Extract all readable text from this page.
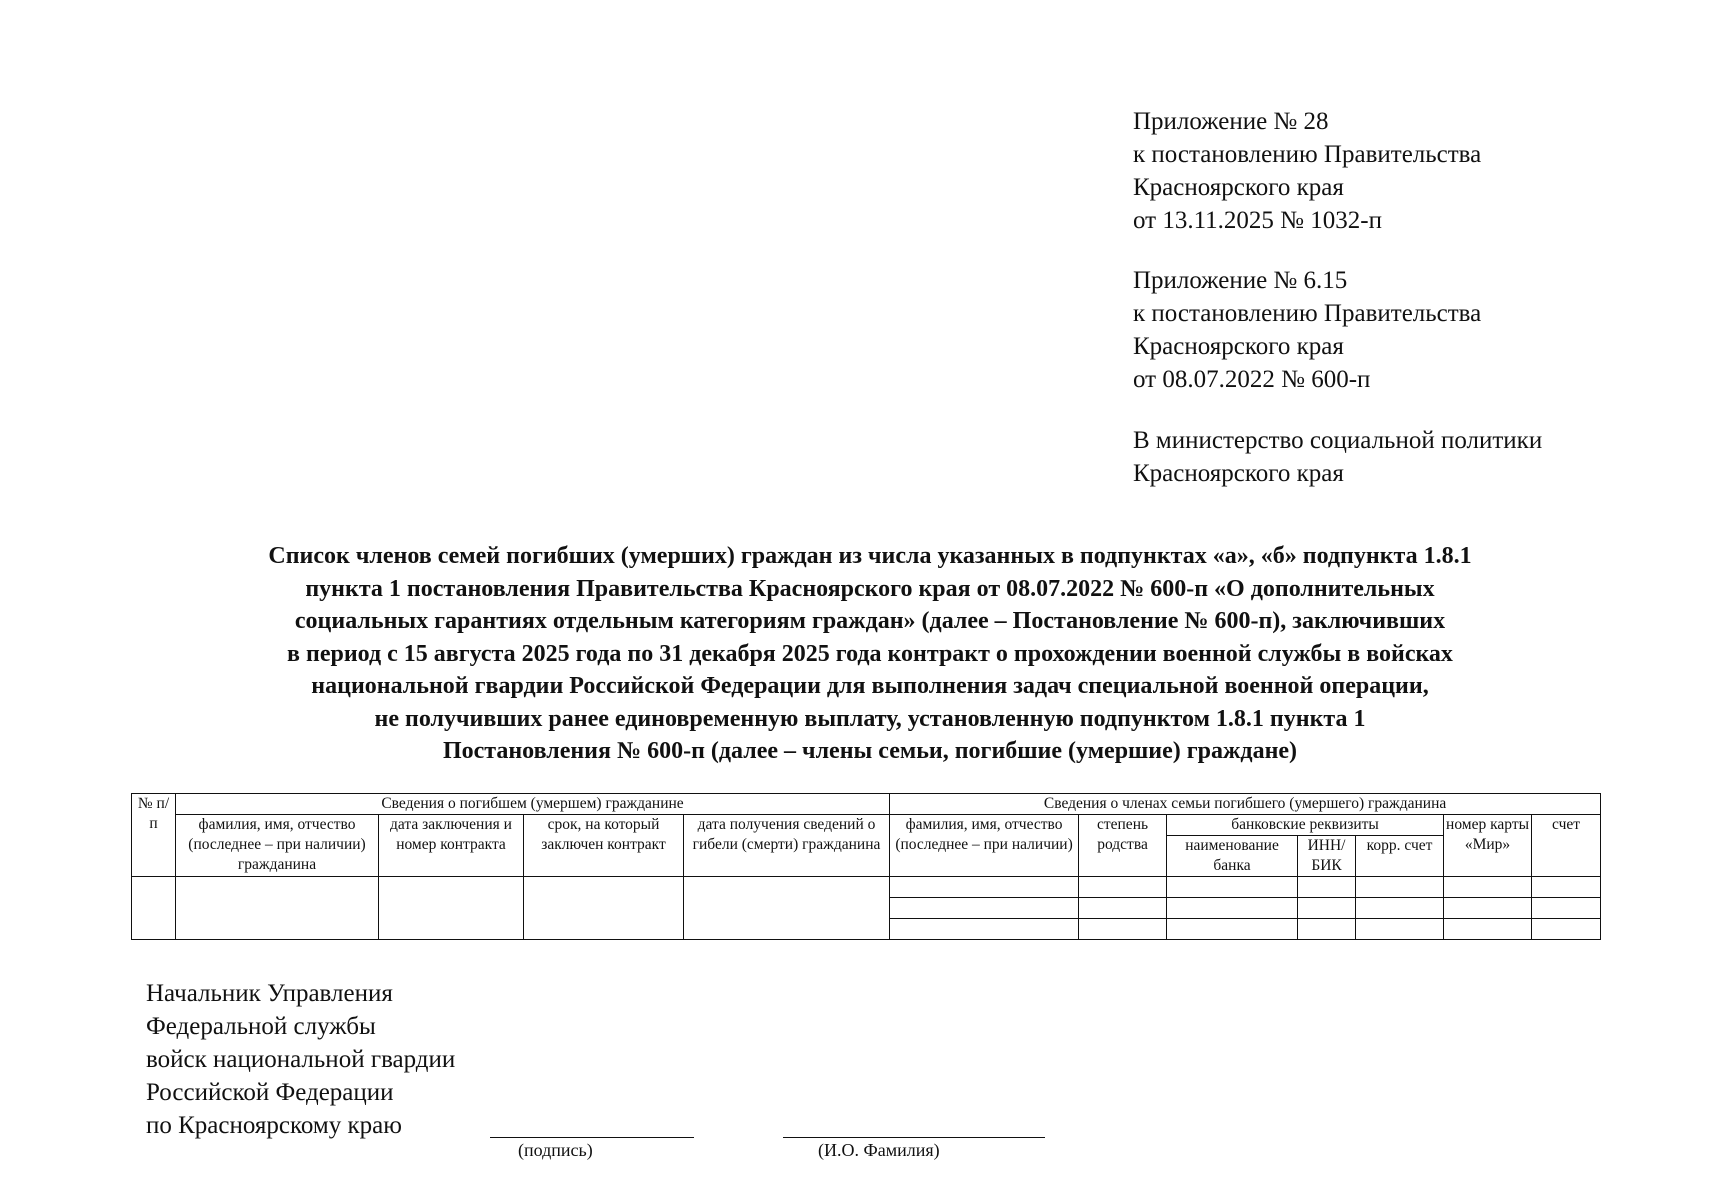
Приложение № 28
к постановлению Правительства
Красноярского края
от 13.11.2025 № 1032-п
Приложение № 6.15
к постановлению Правительства
Красноярского края
от 08.07.2022 № 600-п
В министерство социальной политики
Красноярского края
Список членов семей погибших (умерших) граждан из числа указанных в подпунктах «а», «б» подпункта 1.8.1
пункта 1 постановления Правительства Красноярского края от 08.07.2022 № 600-п «О дополнительных
социальных гарантиях отдельным категориям граждан» (далее – Постановление № 600-п), заключивших
в период с 15 августа 2025 года по 31 декабря 2025 года контракт о прохождении военной службы в войсках
национальной гвардии Российской Федерации для выполнения задач специальной военной операции,
не получивших ранее единовременную выплату, установленную подпунктом 1.8.1 пункта 1
Постановления № 600-п (далее – члены семьи, погибшие (умершие) граждане)
№ п/п	Сведения о погибшем (умершем) гражданине				Сведения о членах семьи погибшего (умершего) гражданина						
	фамилия, имя, отчество (последнее – при наличии) гражданина	дата заключения и номер контракта	срок, на который заключен контракт	дата получения сведений о гибели (смерти) гражданина	фамилия, имя, отчество (последнее – при наличии)	степень родства	банковские реквизиты			номер карты «Мир»	счет
							наименование банка	ИНН/ БИК	корр. счет		

Начальник Управления
Федеральной службы
войск национальной гвардии
Российской Федерации
по Красноярскому краю
(подпись)	(И.О. Фамилия)
